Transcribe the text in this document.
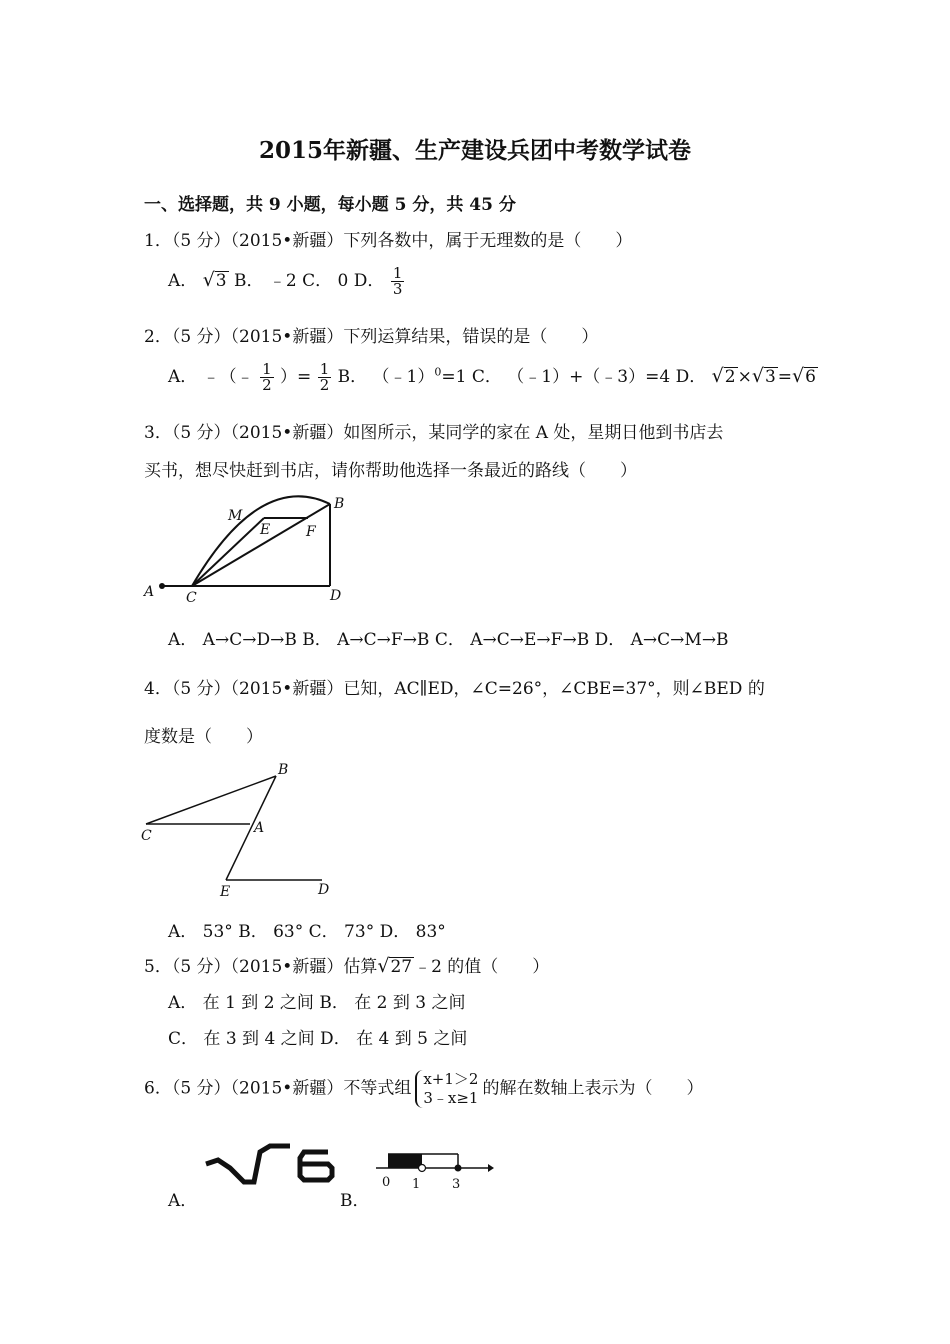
2015年新疆、生产建设兵团中考数学试卷
一、选择题，共 9 小题，每小题 5 分，共 45 分
1．（5 分）（2015•新疆）下列各数中，属于无理数的是（　　）
A． √3 B． ﹣2 C． 0 D． $\frac{1}{3}$
2．（5 分）（2015•新疆）下列运算结果，错误的是（　　）
A． ﹣（﹣ $\frac{1}{2}$ ）= $\frac{1}{2}$ B． （﹣1）$^0$=1 C． （﹣1）+（﹣3）=4 D． √2 ×√3 =√6
3．（5 分）（2015•新疆）如图所示，某同学的家在 A 处，星期日他到书店去
买书，想尽快赶到书店，请你帮助他选择一条最近的路线（　　）
A C	D
B
M
E	F
A． A→C→D→B B． A→C→F→B C． A→C→E→F→B D． A→C→M→B
4．（5 分）（2015•新疆）已知，AC∥ED，∠C=26°，∠CBE=37°，则∠BED 的
度数是（　　）
B
C	A
E	D
A． 53° B． 63° C． 73° D． 83°
5．（5 分）（2015•新疆）估算√27 ﹣2 的值（　　）
A． 在 1 到 2 之间 B． 在 2 到 3 之间
C． 在 3 到 4 之间 D． 在 4 到 5 之间
6．（5 分）（2015•新疆）不等式组 x+1＞2
3﹣x≥1 的解在数轴上表示为（　　）
A．	B．
0 1 3
